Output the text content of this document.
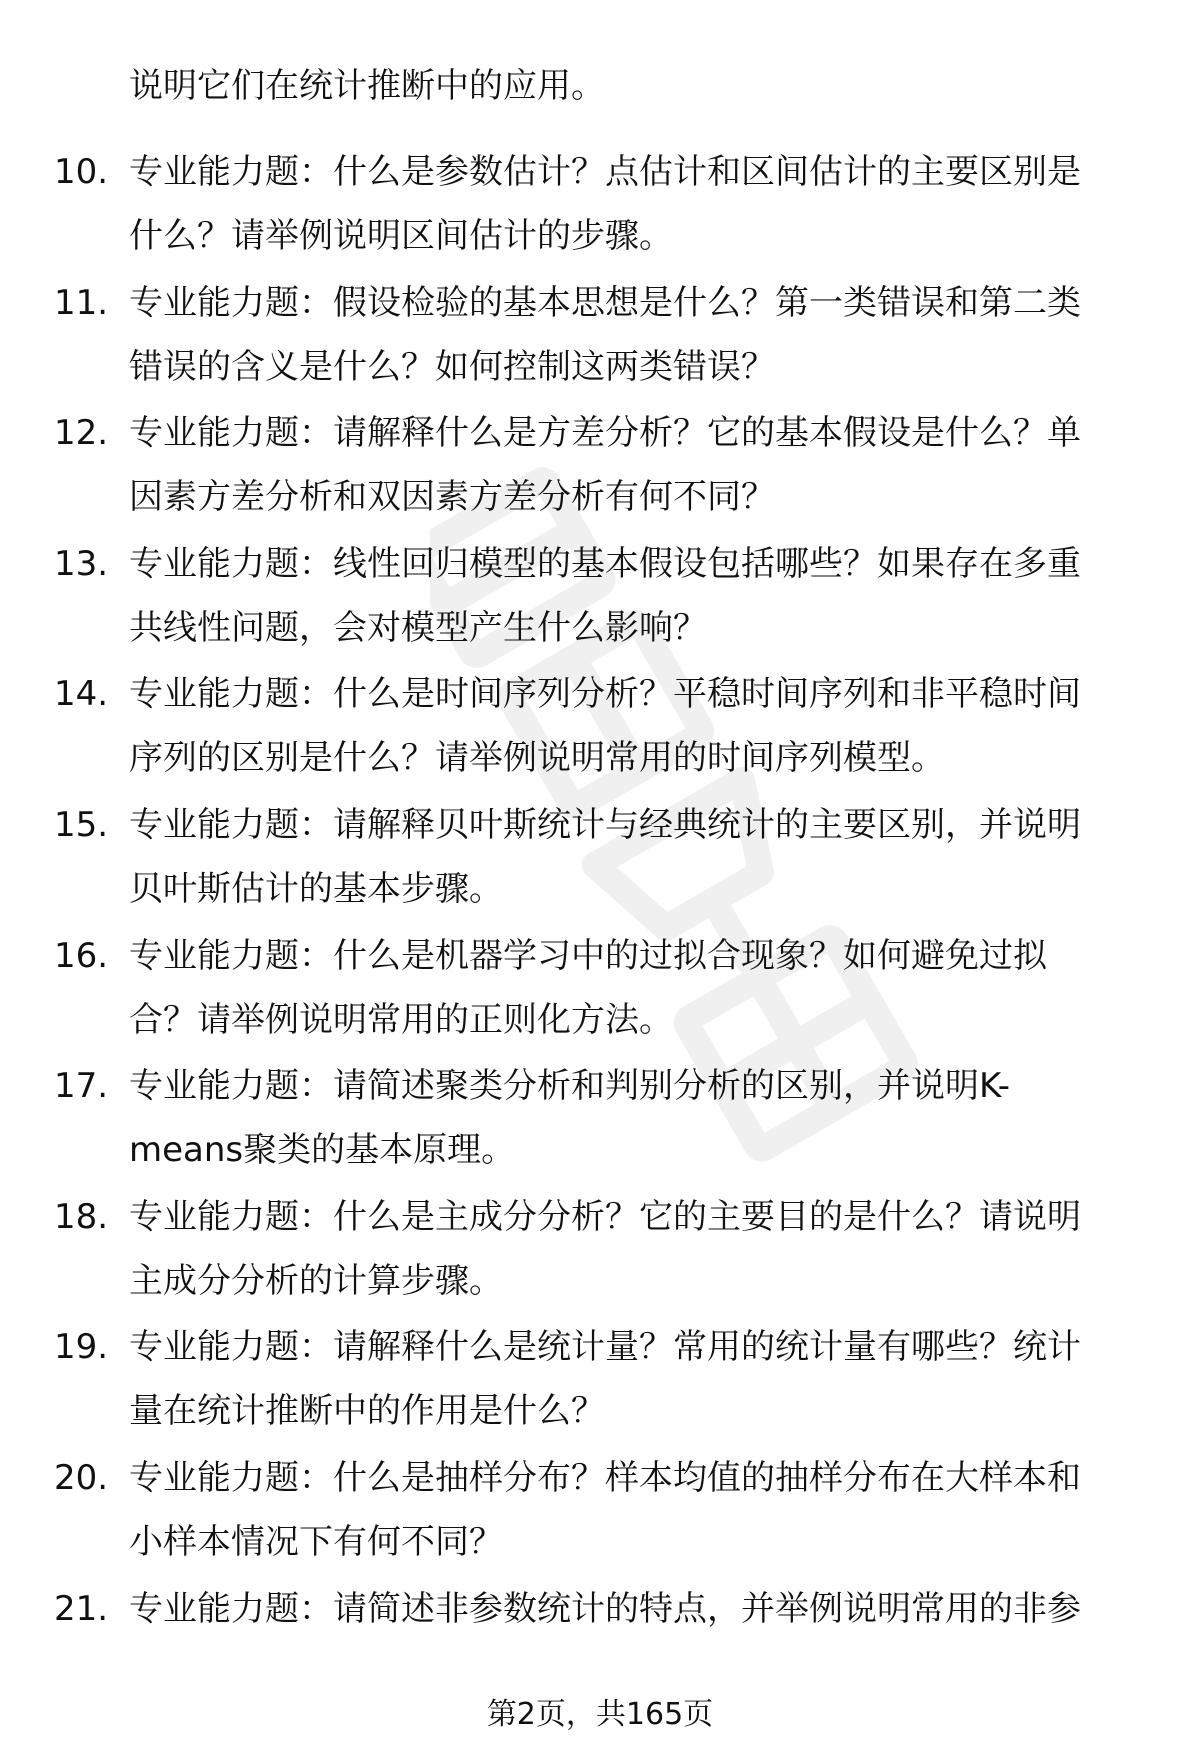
说明它们在统计推断中的应用。

10. 专业能力题：什么是参数估计？点估计和区间估计的主要区别是
什么？请举例说明区间估计的步骤。
11. 专业能力题：假设检验的基本思想是什么？第一类错误和第二类
错误的含义是什么？如何控制这两类错误？
12. 专业能力题：请解释什么是方差分析？它的基本假设是什么？单
因素方差分析和双因素方差分析有何不同？
13. 专业能力题：线性回归模型的基本假设包括哪些？如果存在多重
共线性问题，会对模型产生什么影响？
14. 专业能力题：什么是时间序列分析？平稳时间序列和非平稳时间
序列的区别是什么？请举例说明常用的时间序列模型。
15. 专业能力题：请解释贝叶斯统计与经典统计的主要区别，并说明
贝叶斯估计的基本步骤。
16. 专业能力题：什么是机器学习中的过拟合现象？如何避免过拟
合？请举例说明常用的正则化方法。
17. 专业能力题：请简述聚类分析和判别分析的区别，并说明K-
means聚类的基本原理。
18. 专业能力题：什么是主成分分析？它的主要目的是什么？请说明
主成分分析的计算步骤。
19. 专业能力题：请解释什么是统计量？常用的统计量有哪些？统计
量在统计推断中的作用是什么？
20. 专业能力题：什么是抽样分布？样本均值的抽样分布在大样本和
小样本情况下有何不同？
21. 专业能力题：请简述非参数统计的特点，并举例说明常用的非参
第2页，共165页
